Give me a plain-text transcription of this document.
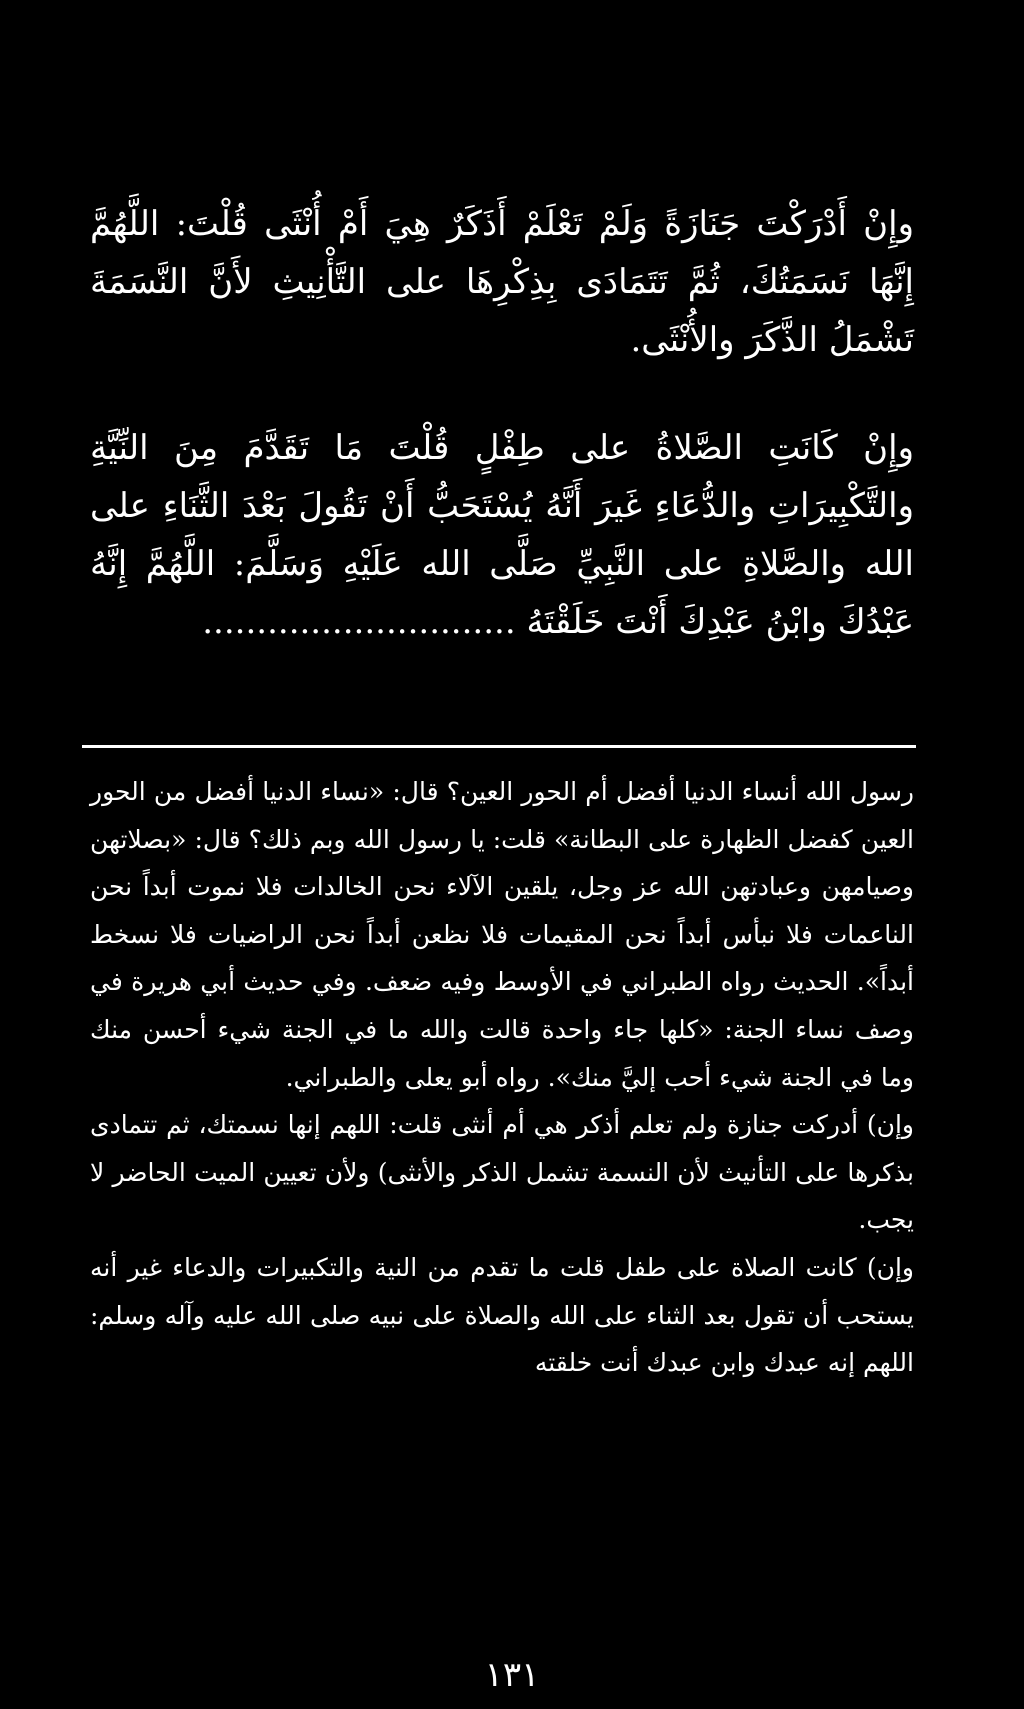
وإِنْ أَدْرَكْتَ جَنَازَةً وَلَمْ تَعْلَمْ أَذَكَرٌ هِيَ أَمْ أُنْثَى قُلْتَ: اللَّهُمَّ إِنَّهَا نَسَمَتُكَ، ثُمَّ تَتَمَادَى بِذِكْرِهَا على التَّأْنِيثِ لأَنَّ النَّسَمَةَ تَشْمَلُ الذَّكَرَ والأُنْثَى.

وإِنْ كَانَتِ الصَّلاةُ على طِفْلٍ قُلْتَ مَا تَقَدَّمَ مِنَ النِّيَّةِ والتَّكْبِيرَاتِ والدُّعَاءِ غَيرَ أَنَّهُ يُسْتَحَبُّ أَنْ تَقُولَ بَعْدَ الثَّنَاءِ على الله والصَّلاةِ على النَّبِيِّ صَلَّى الله عَلَيْهِ وَسَلَّمَ: اللَّهُمَّ إِنَّهُ عَبْدُكَ وابْنُ عَبْدِكَ أَنْتَ خَلَقْتَهُ .............................

رسول الله أنساء الدنيا أفضل أم الحور العين؟ قال: «نساء الدنيا أفضل من الحور العين كفضل الظهارة على البطانة» قلت: يا رسول الله وبم ذلك؟ قال: «بصلاتهن وصيامهن وعبادتهن الله عز وجل، يلقين الآلاء نحن الخالدات فلا نموت أبداً نحن الناعمات فلا نبأس أبداً نحن المقيمات فلا نظعن أبداً نحن الراضيات فلا نسخط أبداً». الحديث رواه الطبراني في الأوسط وفيه ضعف. وفي حديث أبي هريرة في وصف نساء الجنة: «كلها جاء واحدة قالت والله ما في الجنة شيء أحسن منك وما في الجنة شيء أحب إليَّ منك». رواه أبو يعلى والطبراني.

وإن) أدركت جنازة ولم تعلم أذكر هي أم أنثى قلت: اللهم إنها نسمتك، ثم تتمادى بذكرها على التأنيث لأن النسمة تشمل الذكر والأنثى) ولأن تعيين الميت الحاضر لا يجب.

وإن) كانت الصلاة على طفل قلت ما تقدم من النية والتكبيرات والدعاء غير أنه يستحب أن تقول بعد الثناء على الله والصلاة على نبيه صلى الله عليه وآله وسلم: اللهم إنه عبدك وابن عبدك أنت خلقته

١٣١
